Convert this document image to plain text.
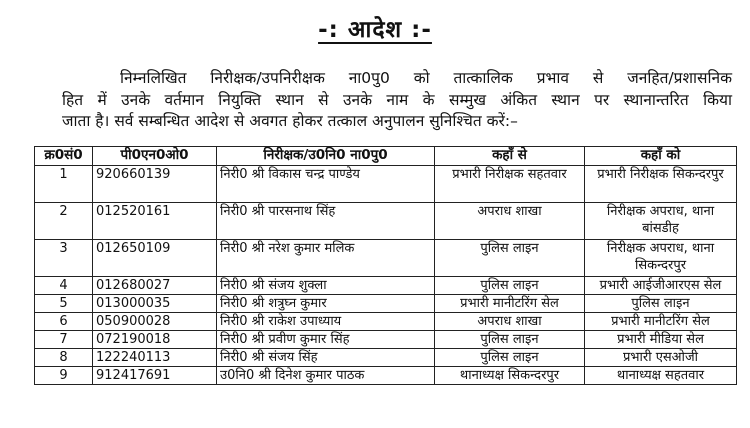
-: आदेश :-
निम्नलिखित निरीक्षक/उपनिरीक्षक ना0पु0 को तात्कालिक प्रभाव से जनहित/प्रशासनिक
हित में उनके वर्तमान नियुक्ति स्थान से उनके नाम के सम्मुख अंकित स्थान पर स्थानान्तरित किया
जाता है। सर्व सम्बन्धित आदेश से अवगत होकर तत्काल अनुपालन सुनिश्चित करें:–
क्र0सं0	पी0एन0ओ0	निरीक्षक/उ0नि0 ना0पु0	कहाँ से	कहाँ को
1	920660139	निरी0 श्री विकास चन्द्र पाण्डेय	प्रभारी निरीक्षक सहतवार	प्रभारी निरीक्षक सिकन्दरपुर
2	012520161	निरी0 श्री पारसनाथ सिंह	अपराध शाखा	निरीक्षक अपराध, थाना बांसडीह
3	012650109	निरी0 श्री नरेश कुमार मलिक	पुलिस लाइन	निरीक्षक अपराध, थाना सिकन्दरपुर
4	012680027	निरी0 श्री संजय शुक्ला	पुलिस लाइन	प्रभारी आईजीआरएस सेल
5	013000035	निरी0 श्री शत्रुघ्न कुमार	प्रभारी मानीटरिंग सेल	पुलिस लाइन
6	050900028	निरी0 श्री राकेश उपाध्याय	अपराध शाखा	प्रभारी मानीटरिंग सेल
7	072190018	निरी0 श्री प्रवीण कुमार सिंह	पुलिस लाइन	प्रभारी मीडिया सेल
8	122240113	निरी0 श्री संजय सिंह	पुलिस लाइन	प्रभारी एसओजी
9	912417691	उ0नि0 श्री दिनेश कुमार पाठक	थानाध्यक्ष सिकन्दरपुर	थानाध्यक्ष सहतवार
